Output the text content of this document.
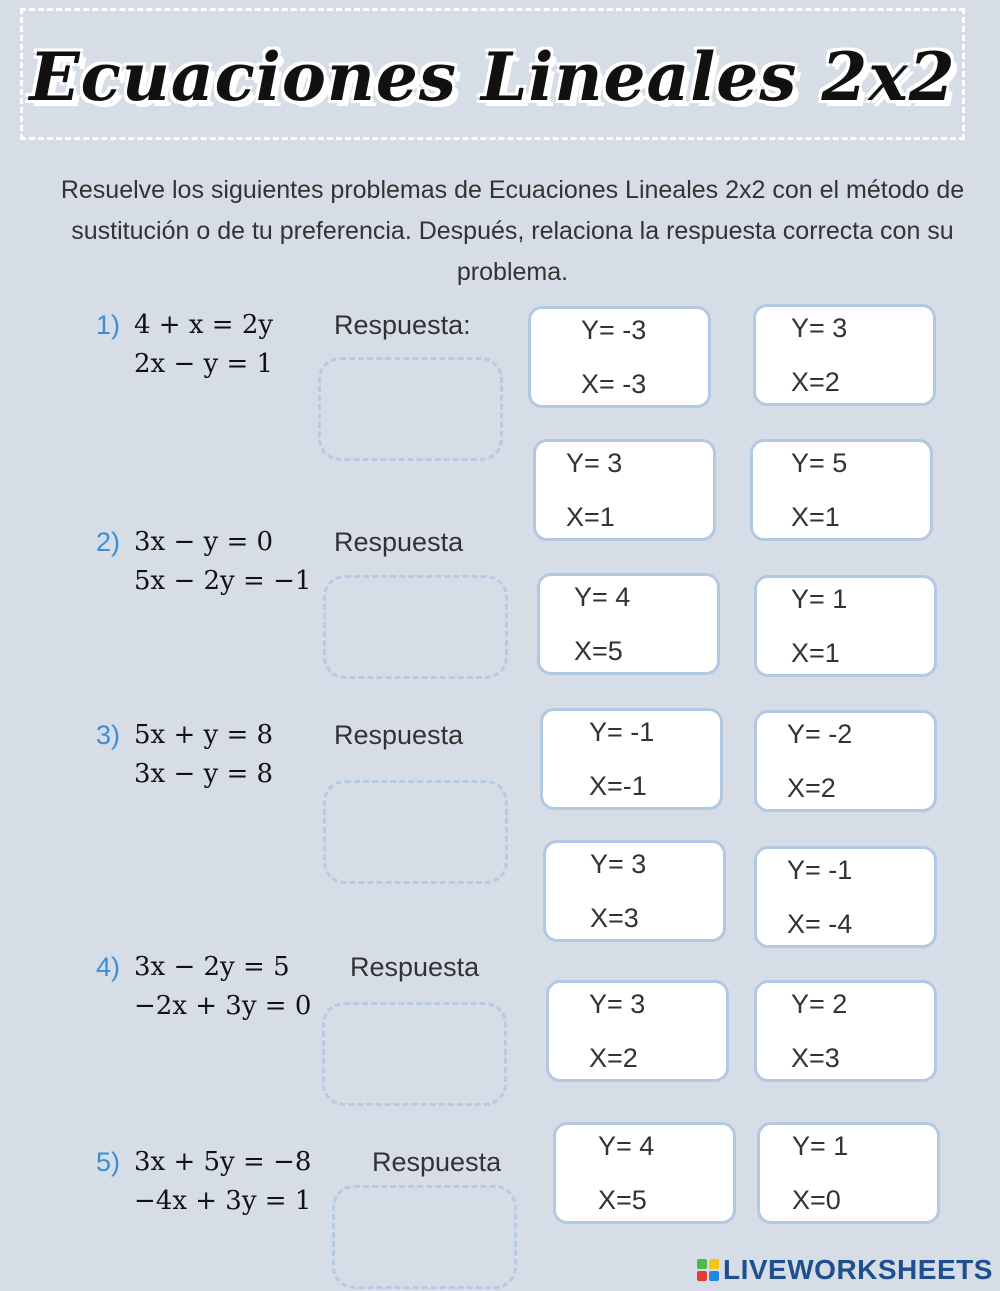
Ecuaciones Lineales 2x2
Resuelve los siguientes problemas de Ecuaciones Lineales 2x2 con el método de sustitución o de tu preferencia. Después, relaciona la respuesta correcta con su problema.
1) 4 + x = 2y
2x − y = 1
Respuesta:
2) 3x − y = 0
5x − 2y = −1
Respuesta
3) 5x + y = 8
3x − y = 8
Respuesta
4) 3x − 2y = 5
−2x + 3y = 0
Respuesta
5) 3x + 5y = −8
−4x + 3y = 1
Respuesta
Y= -3
X= -3
Y= 3
X=2
Y= 3
X=1
Y= 5
X=1
Y= 4
X=5
Y= 1
X=1
Y= -1
X=-1
Y= -2
X=2
Y= 3
X=3
Y= -1
X= -4
Y= 3
X=2
Y= 2
X=3
Y= 4
X=5
Y= 1
X=0
LIVEWORKSHEETS
